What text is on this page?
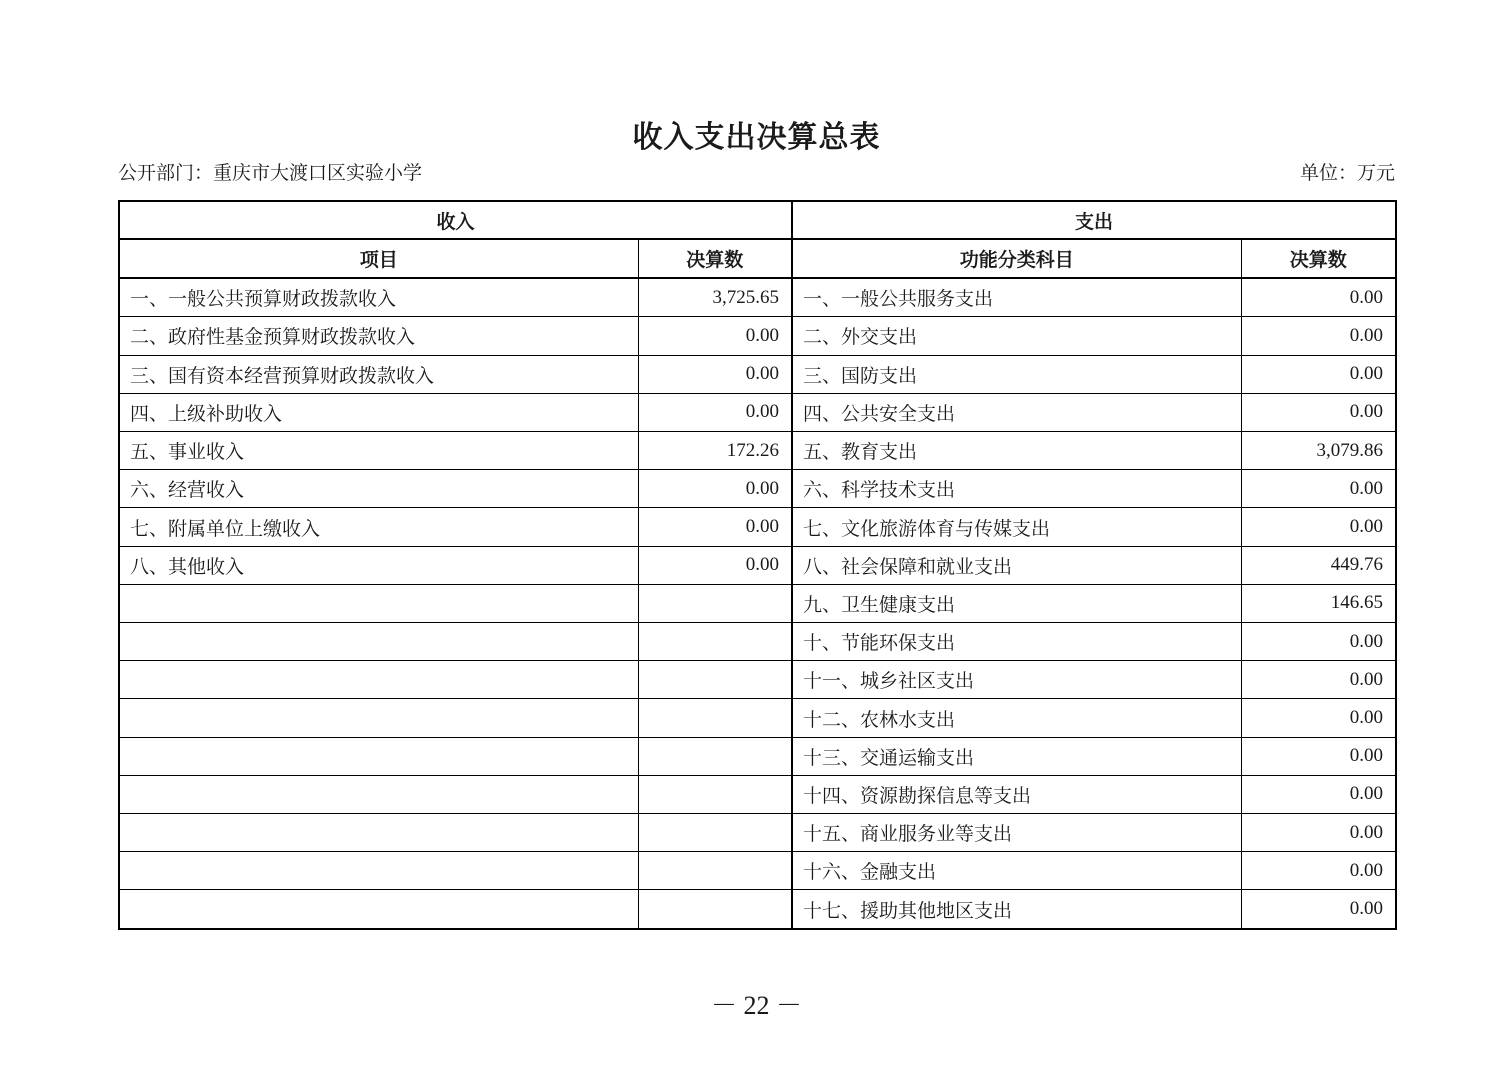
收入支出决算总表
公开部门：重庆市大渡口区实验小学	单位：万元
收入		支出	
项目	决算数	功能分类科目	决算数
一、一般公共预算财政拨款收入	3,725.65	一、一般公共服务支出	0.00
二、政府性基金预算财政拨款收入	0.00	二、外交支出	0.00
三、国有资本经营预算财政拨款收入	0.00	三、国防支出	0.00
四、上级补助收入	0.00	四、公共安全支出	0.00
五、事业收入	172.26	五、教育支出	3,079.86
六、经营收入	0.00	六、科学技术支出	0.00
七、附属单位上缴收入	0.00	七、文化旅游体育与传媒支出	0.00
八、其他收入	0.00	八、社会保障和就业支出	449.76
		九、卫生健康支出	146.65
		十、节能环保支出	0.00
		十一、城乡社区支出	0.00
		十二、农林水支出	0.00
		十三、交通运输支出	0.00
		十四、资源勘探信息等支出	0.00
		十五、商业服务业等支出	0.00
		十六、金融支出	0.00
		十七、援助其他地区支出	0.00
－ 22 －
